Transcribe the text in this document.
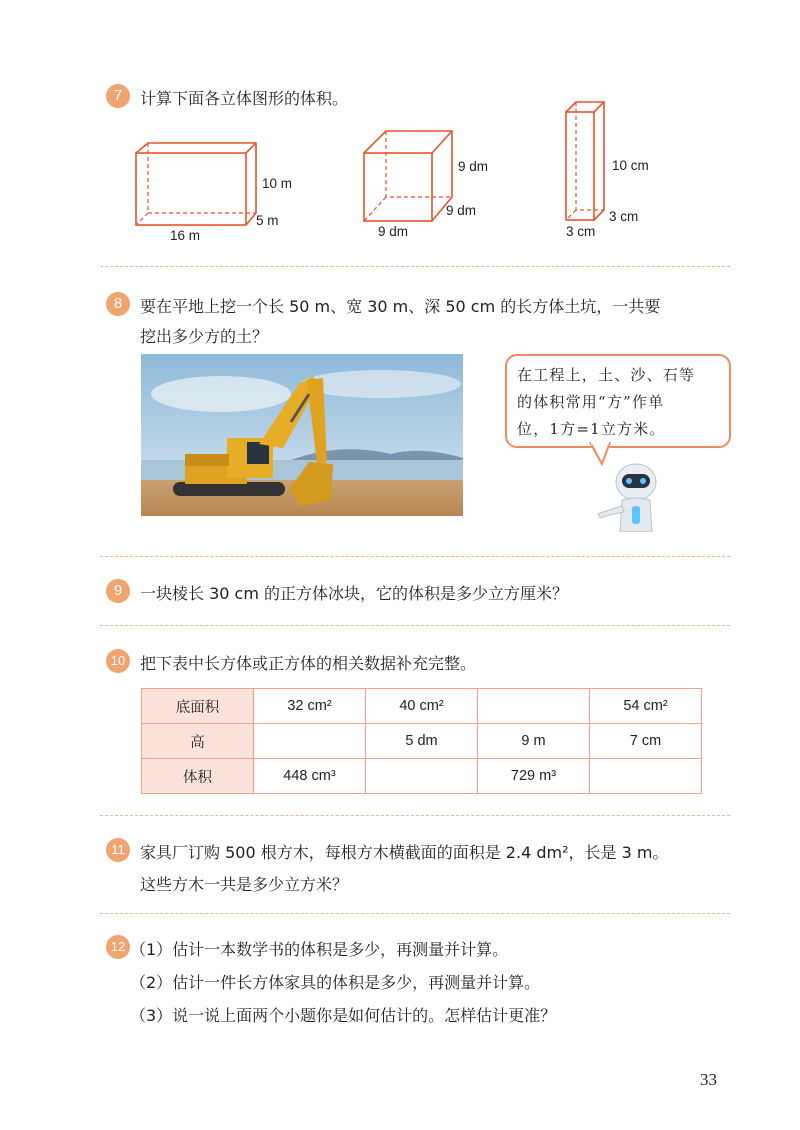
7	计算下面各立体图形的体积。
10 m
5 m
16 m
9 dm
9 dm
9 dm
10 cm
3 cm
3 cm
8	要在平地上挖一个长 50 m、宽 30 m、深 50 cm 的长方体土坑，一共要
挖出多少方的土？
在工程上，土、沙、石等
的体积常用“方”作单
位，1方=1立方米。
9	一块棱长 30 cm 的正方体冰块，它的体积是多少立方厘米？
10 把下表中长方体或正方体的相关数据补充完整。
底面积	32 cm²	40 cm²		54 cm²
高		5 dm	9 m	7 cm
体积	448 cm³		729 m³	
11 家具厂订购 500 根方木，每根方木横截面的面积是 2.4 dm²，长是 3 m。
这些方木一共是多少立方米？
12 （1）估计一本数学书的体积是多少，再测量并计算。
（2）估计一件长方体家具的体积是多少，再测量并计算。
（3）说一说上面两个小题你是如何估计的。怎样估计更准？
33
